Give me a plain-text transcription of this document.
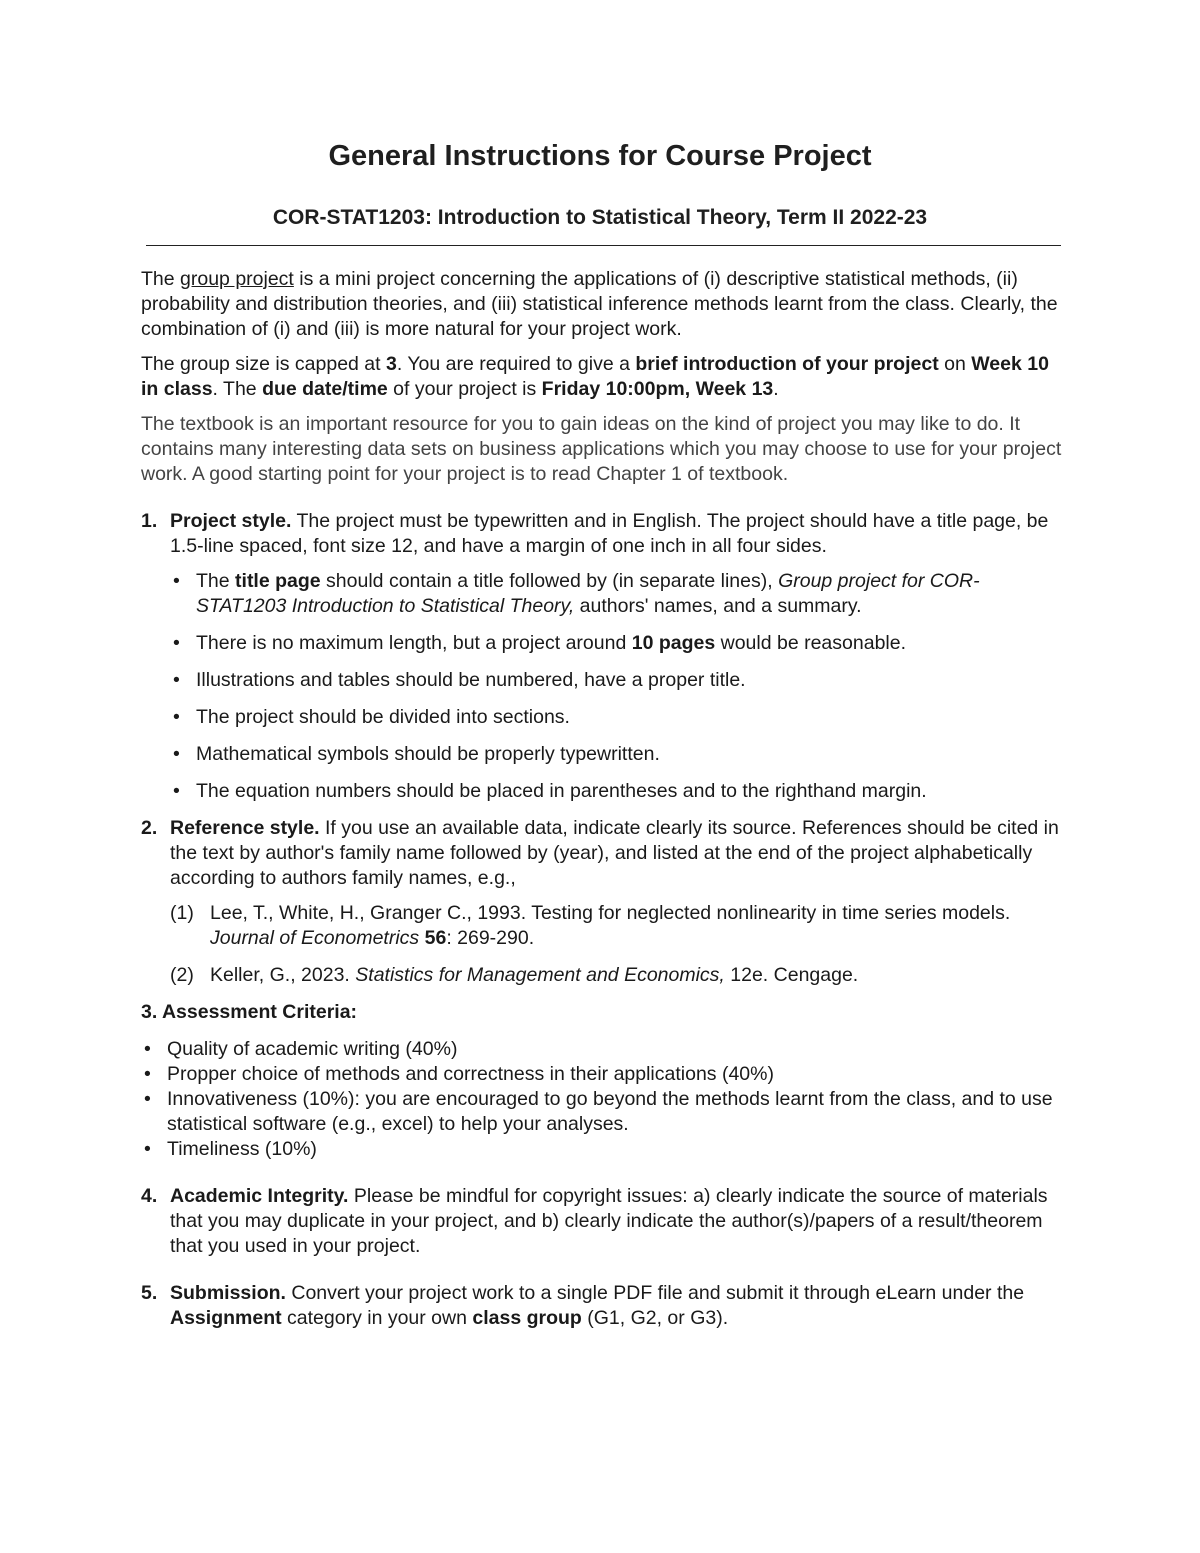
General Instructions for Course Project
COR-STAT1203: Introduction to Statistical Theory, Term II 2022-23

The group project is a mini project concerning the applications of (i) descriptive statistical methods, (ii) probability and distribution theories, and (iii) statistical inference methods learnt from the class. Clearly, the combination of (i) and (iii) is more natural for your project work.

The group size is capped at 3. You are required to give a brief introduction of your project on Week 10 in class. The due date/time of your project is Friday 10:00pm, Week 13.

The textbook is an important resource for you to gain ideas on the kind of project you may like to do. It contains many interesting data sets on business applications which you may choose to use for your project work. A good starting point for your project is to read Chapter 1 of textbook.

1. Project style. The project must be typewritten and in English. The project should have a title page, be 1.5-line spaced, font size 12, and have a margin of one inch in all four sides.

• The title page should contain a title followed by (in separate lines), Group project for COR-STAT1203 Introduction to Statistical Theory, authors' names, and a summary.
• There is no maximum length, but a project around 10 pages would be reasonable.
• Illustrations and tables should be numbered, have a proper title.
• The project should be divided into sections.
• Mathematical symbols should be properly typewritten.
• The equation numbers should be placed in parentheses and to the righthand margin.
2. Reference style. If you use an available data, indicate clearly its source. References should be cited in the text by author's family name followed by (year), and listed at the end of the project alphabetically according to authors family names, e.g.,

(1) Lee, T., White, H., Granger C., 1993. Testing for neglected nonlinearity in time series models. Journal of Econometrics 56: 269-290.
(2) Keller, G., 2023. Statistics for Management and Economics, 12e. Cengage.

3. Assessment Criteria:

• Quality of academic writing (40%)
• Propper choice of methods and correctness in their applications (40%)
• Innovativeness (10%): you are encouraged to go beyond the methods learnt from the class, and to use statistical software (e.g., excel) to help your analyses.
• Timeliness (10%)
4. Academic Integrity. Please be mindful for copyright issues: a) clearly indicate the source of materials that you may duplicate in your project, and b) clearly indicate the author(s)/papers of a result/theorem that you used in your project.

5. Submission. Convert your project work to a single PDF file and submit it through eLearn under the Assignment category in your own class group (G1, G2, or G3).
